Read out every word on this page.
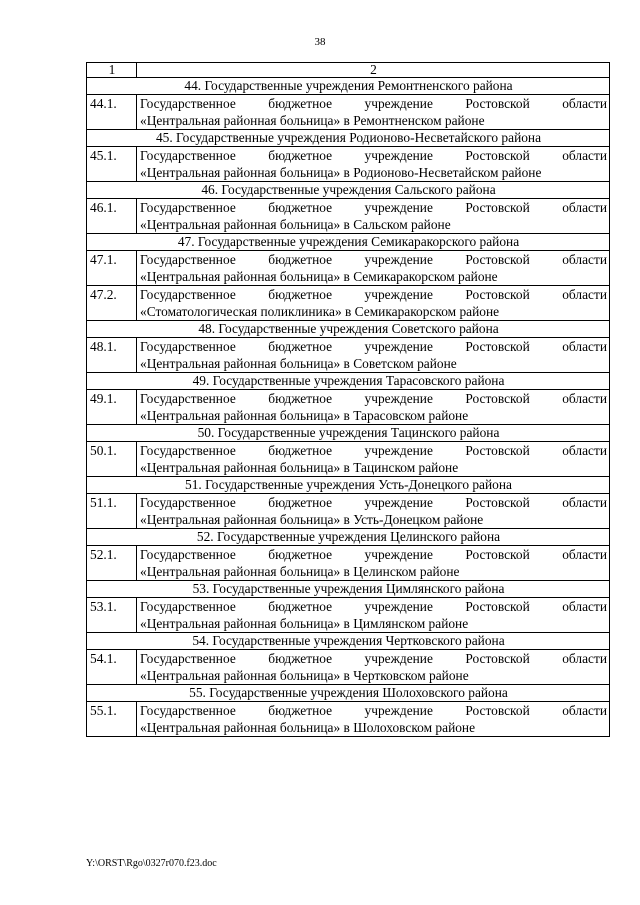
38
1	2
44. Государственные учреждения Ремонтненского района	
44.1.	Государственное бюджетное учреждение Ростовской области
«Центральная районная больница» в Ремонтненском районе

45. Государственные учреждения Родионово-Несветайского района	
45.1.	Государственное бюджетное учреждение Ростовской области
«Центральная районная больница» в Родионово-Несветайском районе

46. Государственные учреждения Сальского района	
46.1.	Государственное бюджетное учреждение Ростовской области
«Центральная районная больница» в Сальском районе

47. Государственные учреждения Семикаракорского района	
47.1.	Государственное бюджетное учреждение Ростовской области
«Центральная районная больница» в Семикаракорском районе

47.2.	Государственное бюджетное учреждение Ростовской области
«Стоматологическая поликлиника» в Семикаракорском районе

48. Государственные учреждения Советского района	
48.1.	Государственное бюджетное учреждение Ростовской области
«Центральная районная больница» в Советском районе

49. Государственные учреждения Тарасовского района	
49.1.	Государственное бюджетное учреждение Ростовской области
«Центральная районная больница» в Тарасовском районе

50. Государственные учреждения Тацинского района	
50.1.	Государственное бюджетное учреждение Ростовской области
«Центральная районная больница» в Тацинском районе

51. Государственные учреждения Усть-Донецкого района	
51.1.	Государственное бюджетное учреждение Ростовской области
«Центральная районная больница» в Усть-Донецком районе

52. Государственные учреждения Целинского района	
52.1.	Государственное бюджетное учреждение Ростовской области
«Центральная районная больница» в Целинском районе

53. Государственные учреждения Цимлянского района	
53.1.	Государственное бюджетное учреждение Ростовской области
«Центральная районная больница» в Цимлянском районе

54. Государственные учреждения Чертковского района	
54.1.	Государственное бюджетное учреждение Ростовской области
«Центральная районная больница» в Чертковском районе

55. Государственные учреждения Шолоховского района	
55.1.	Государственное бюджетное учреждение Ростовской области
«Центральная районная больница» в Шолоховском районе
Y:\ORST\Rgo\0327r070.f23.doc
